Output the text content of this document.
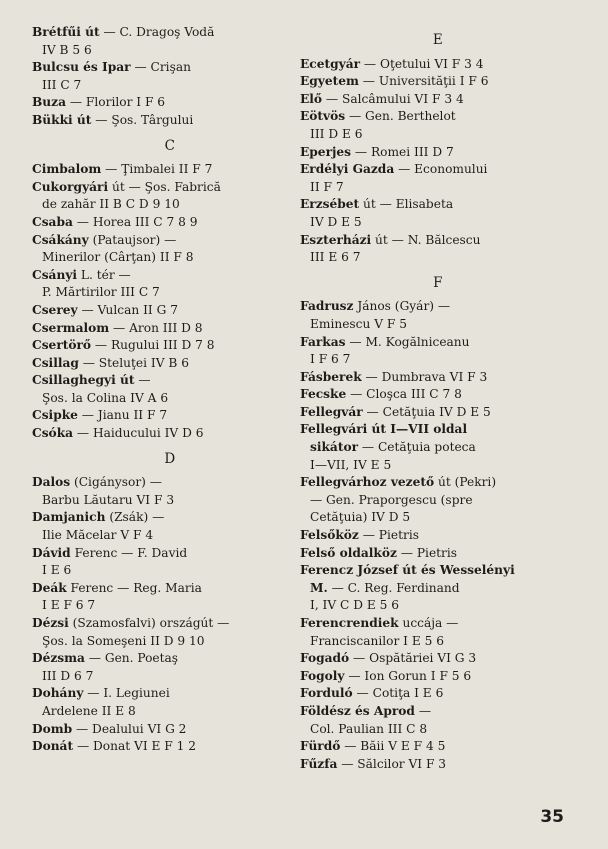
Brétfűi út — C. Dragoş Vodă
IV B 5 6
Bulcsu és Ipar — Crişan
III C 7
Buza — Florilor I F 6
Bükki út — Şos. Târgului
C
Cimbalom — Ţimbalei II F 7
Cukorgyári út — Şos. Fabrică
de zahăr II B C D 9 10
Csaba — Horea III C 7 8 9
Csákány (Pataujsor) —
Minerilor (Cârţan) II F 8
Csányi L. tér —
P. Mărtirilor III C 7
Cserey — Vulcan II G 7
Csermalom — Aron III D 8
Csertörő — Rugului III D 7 8
Csillag — Steluţei IV B 6
Csillaghegyi út —
Şos. la Colina IV A 6
Csipke — Jianu II F 7
Csóka — Haiducului IV D 6
D
Dalos (Cigánysor) —
Barbu Lăutaru VI F 3
Damjanich (Zsák) —
Ilie Măcelar V F 4
Dávid Ferenc — F. David
I E 6
Deák Ferenc — Reg. Maria
I E F 6 7
Dézsi (Szamosfalvi) országút —
Şos. la Someşeni II D 9 10
Dézsma — Gen. Poetaş
III D 6 7
Dohány — I. Legiunei
Ardelene II E 8
Domb — Dealului VI G 2
Donát — Donat VI E F 1 2
E
Ecetgyár — Oţetului VI F 3 4
Egyetem — Universităţii I F 6
Elő — Salcâmului VI F 3 4
Eötvös — Gen. Berthelot
III D E 6
Eperjes — Romei III D 7
Erdélyi Gazda — Economului
II F 7
Erzsébet út — Elisabeta
IV D E 5
Eszterházi út — N. Bălcescu
III E 6 7
F
Fadrusz János (Gyár) —
Eminescu V F 5
Farkas — M. Kogălniceanu
I F 6 7
Fásberek — Dumbrava VI F 3
Fecske — Cloşca III C 7 8
Fellegvár — Cetăţuia IV D E 5
Fellegvári út I—VII oldal
sikátor — Cetăţuia poteca
I—VII, IV E 5
Fellegvárhoz vezető út (Pekri)
— Gen. Praporgescu (spre
Cetăţuia) IV D 5
Felsőköz — Pietris
Felső oldalköz — Pietris
Ferencz József út és Wesselényi
M. — C. Reg. Ferdinand
I, IV C D E 5 6
Ferencrendiek uccája —
Franciscanilor I E 5 6
Fogadó — Ospătăriei VI G 3
Fogoly — Ion Gorun I F 5 6
Forduló — Cotiţa I E 6
Földész és Aprod —
Col. Paulian III C 8
Fürdő — Băii V E F 4 5
Fűzfa — Sălcilor VI F 3
35
